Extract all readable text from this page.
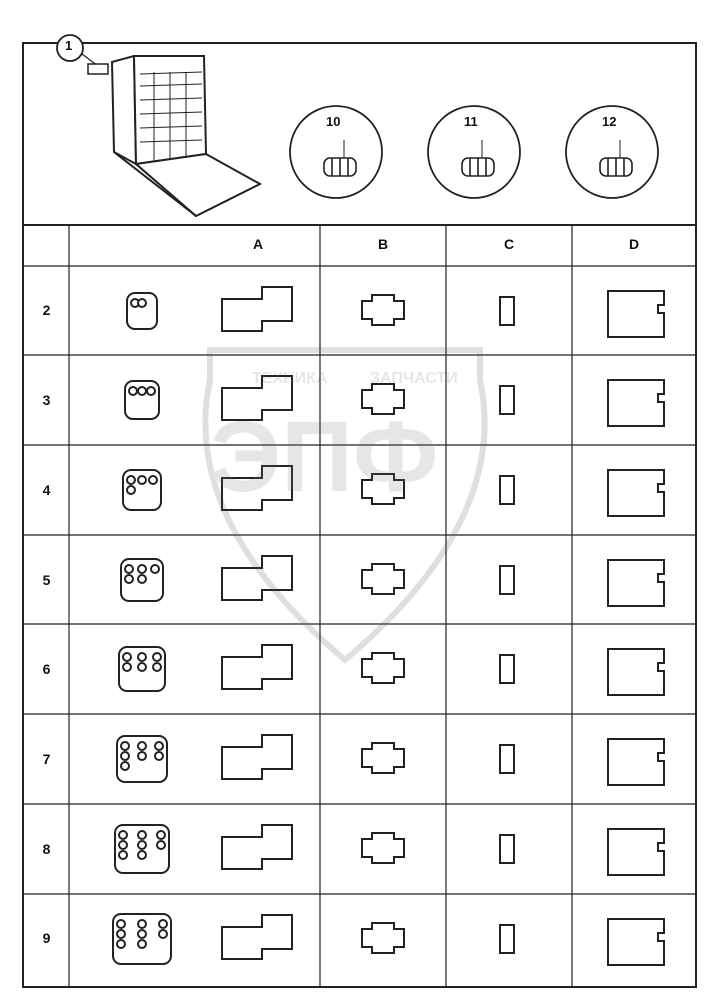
1
10	11	12
A	B	C	D
2
3
4
5
6
7
8
9
ЗАПЧАСТИ
ЭПФ
